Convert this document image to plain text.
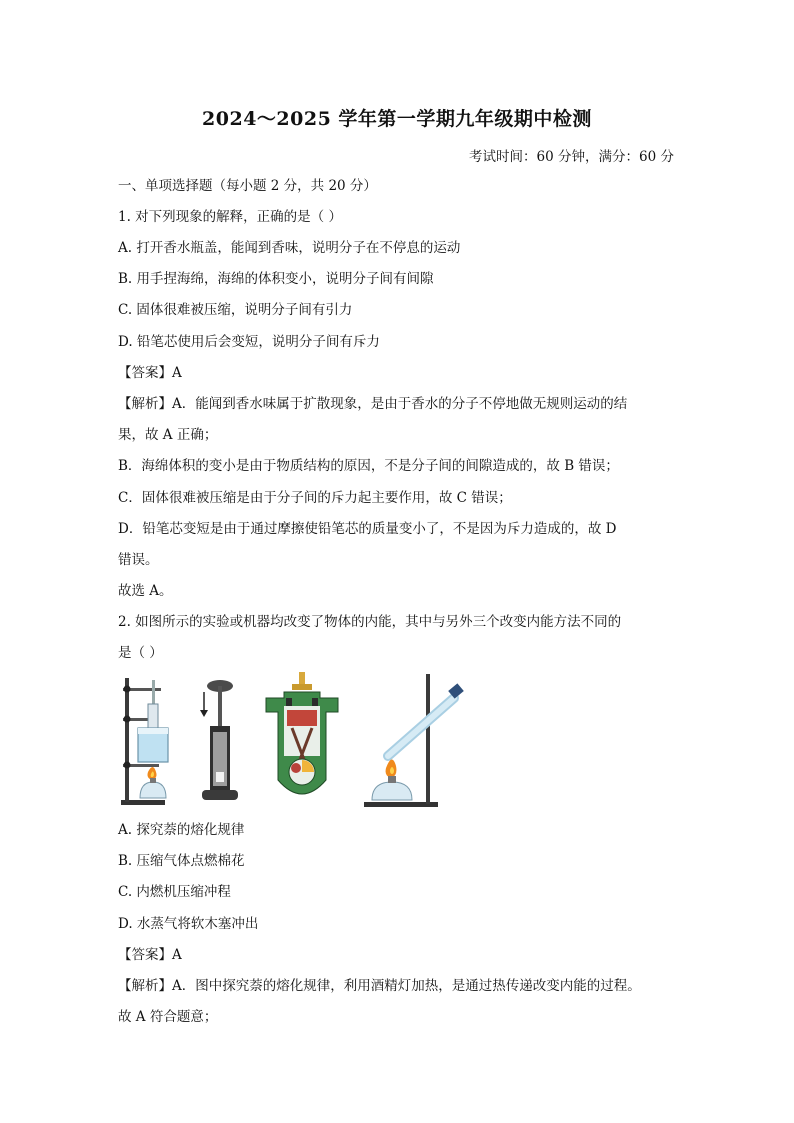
2024～2025 学年第一学期九年级期中检测
考试时间：60 分钟，满分：60 分
一、单项选择题（每小题 2 分，共 20 分）
1. 对下列现象的解释，正确的是（ ）
A. 打开香水瓶盖，能闻到香味，说明分子在不停息的运动
B. 用手捏海绵，海绵的体积变小，说明分子间有间隙
C. 固体很难被压缩，说明分子间有引力
D. 铅笔芯使用后会变短，说明分子间有斥力
【答案】A
【解析】A．能闻到香水味属于扩散现象，是由于香水的分子不停地做无规则运动的结
果，故 A 正确；
B．海绵体积的变小是由于物质结构的原因，不是分子间的间隙造成的，故 B 错误；
C．固体很难被压缩是由于分子间的斥力起主要作用，故 C 错误；
D．铅笔芯变短是由于通过摩擦使铅笔芯的质量变小了，不是因为斥力造成的，故 D
错误。
故选 A。
2. 如图所示的实验或机器均改变了物体的内能，其中与另外三个改变内能方法不同的
是（ ）
A. 探究萘的熔化规律
B. 压缩气体点燃棉花
C. 内燃机压缩冲程
D. 水蒸气将软木塞冲出
【答案】A
【解析】A．图中探究萘的熔化规律，利用酒精灯加热，是通过热传递改变内能的过程。
故 A 符合题意；
